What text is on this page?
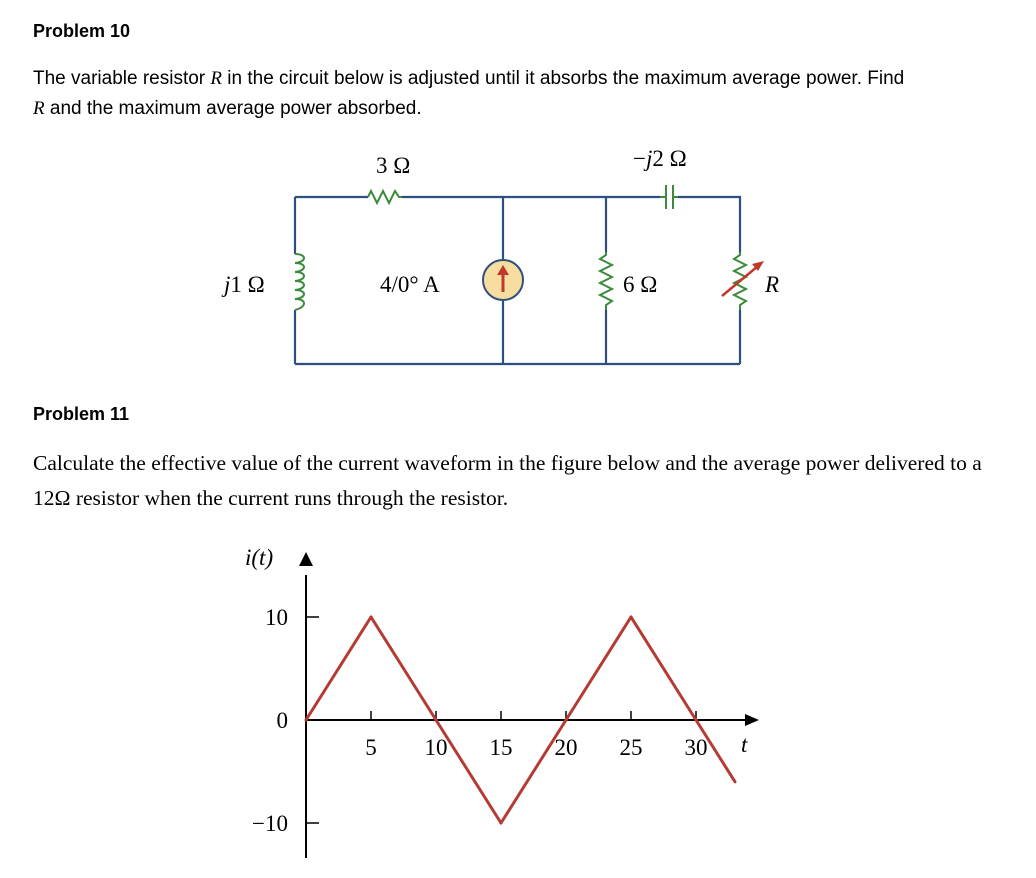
Problem 10
The variable resistor R in the circuit below is adjusted until it absorbs the maximum average power. Find
R and the maximum average power absorbed.
3 Ω	−j2 Ω
j1 Ω	4/0° A	6 Ω	R
i(t)
t
5 10 15 20 25 30
10
0
−10
Problem 11
Calculate the effective value of the current waveform in the figure below and the average power delivered to a 12Ω resistor when the current runs through the resistor.
